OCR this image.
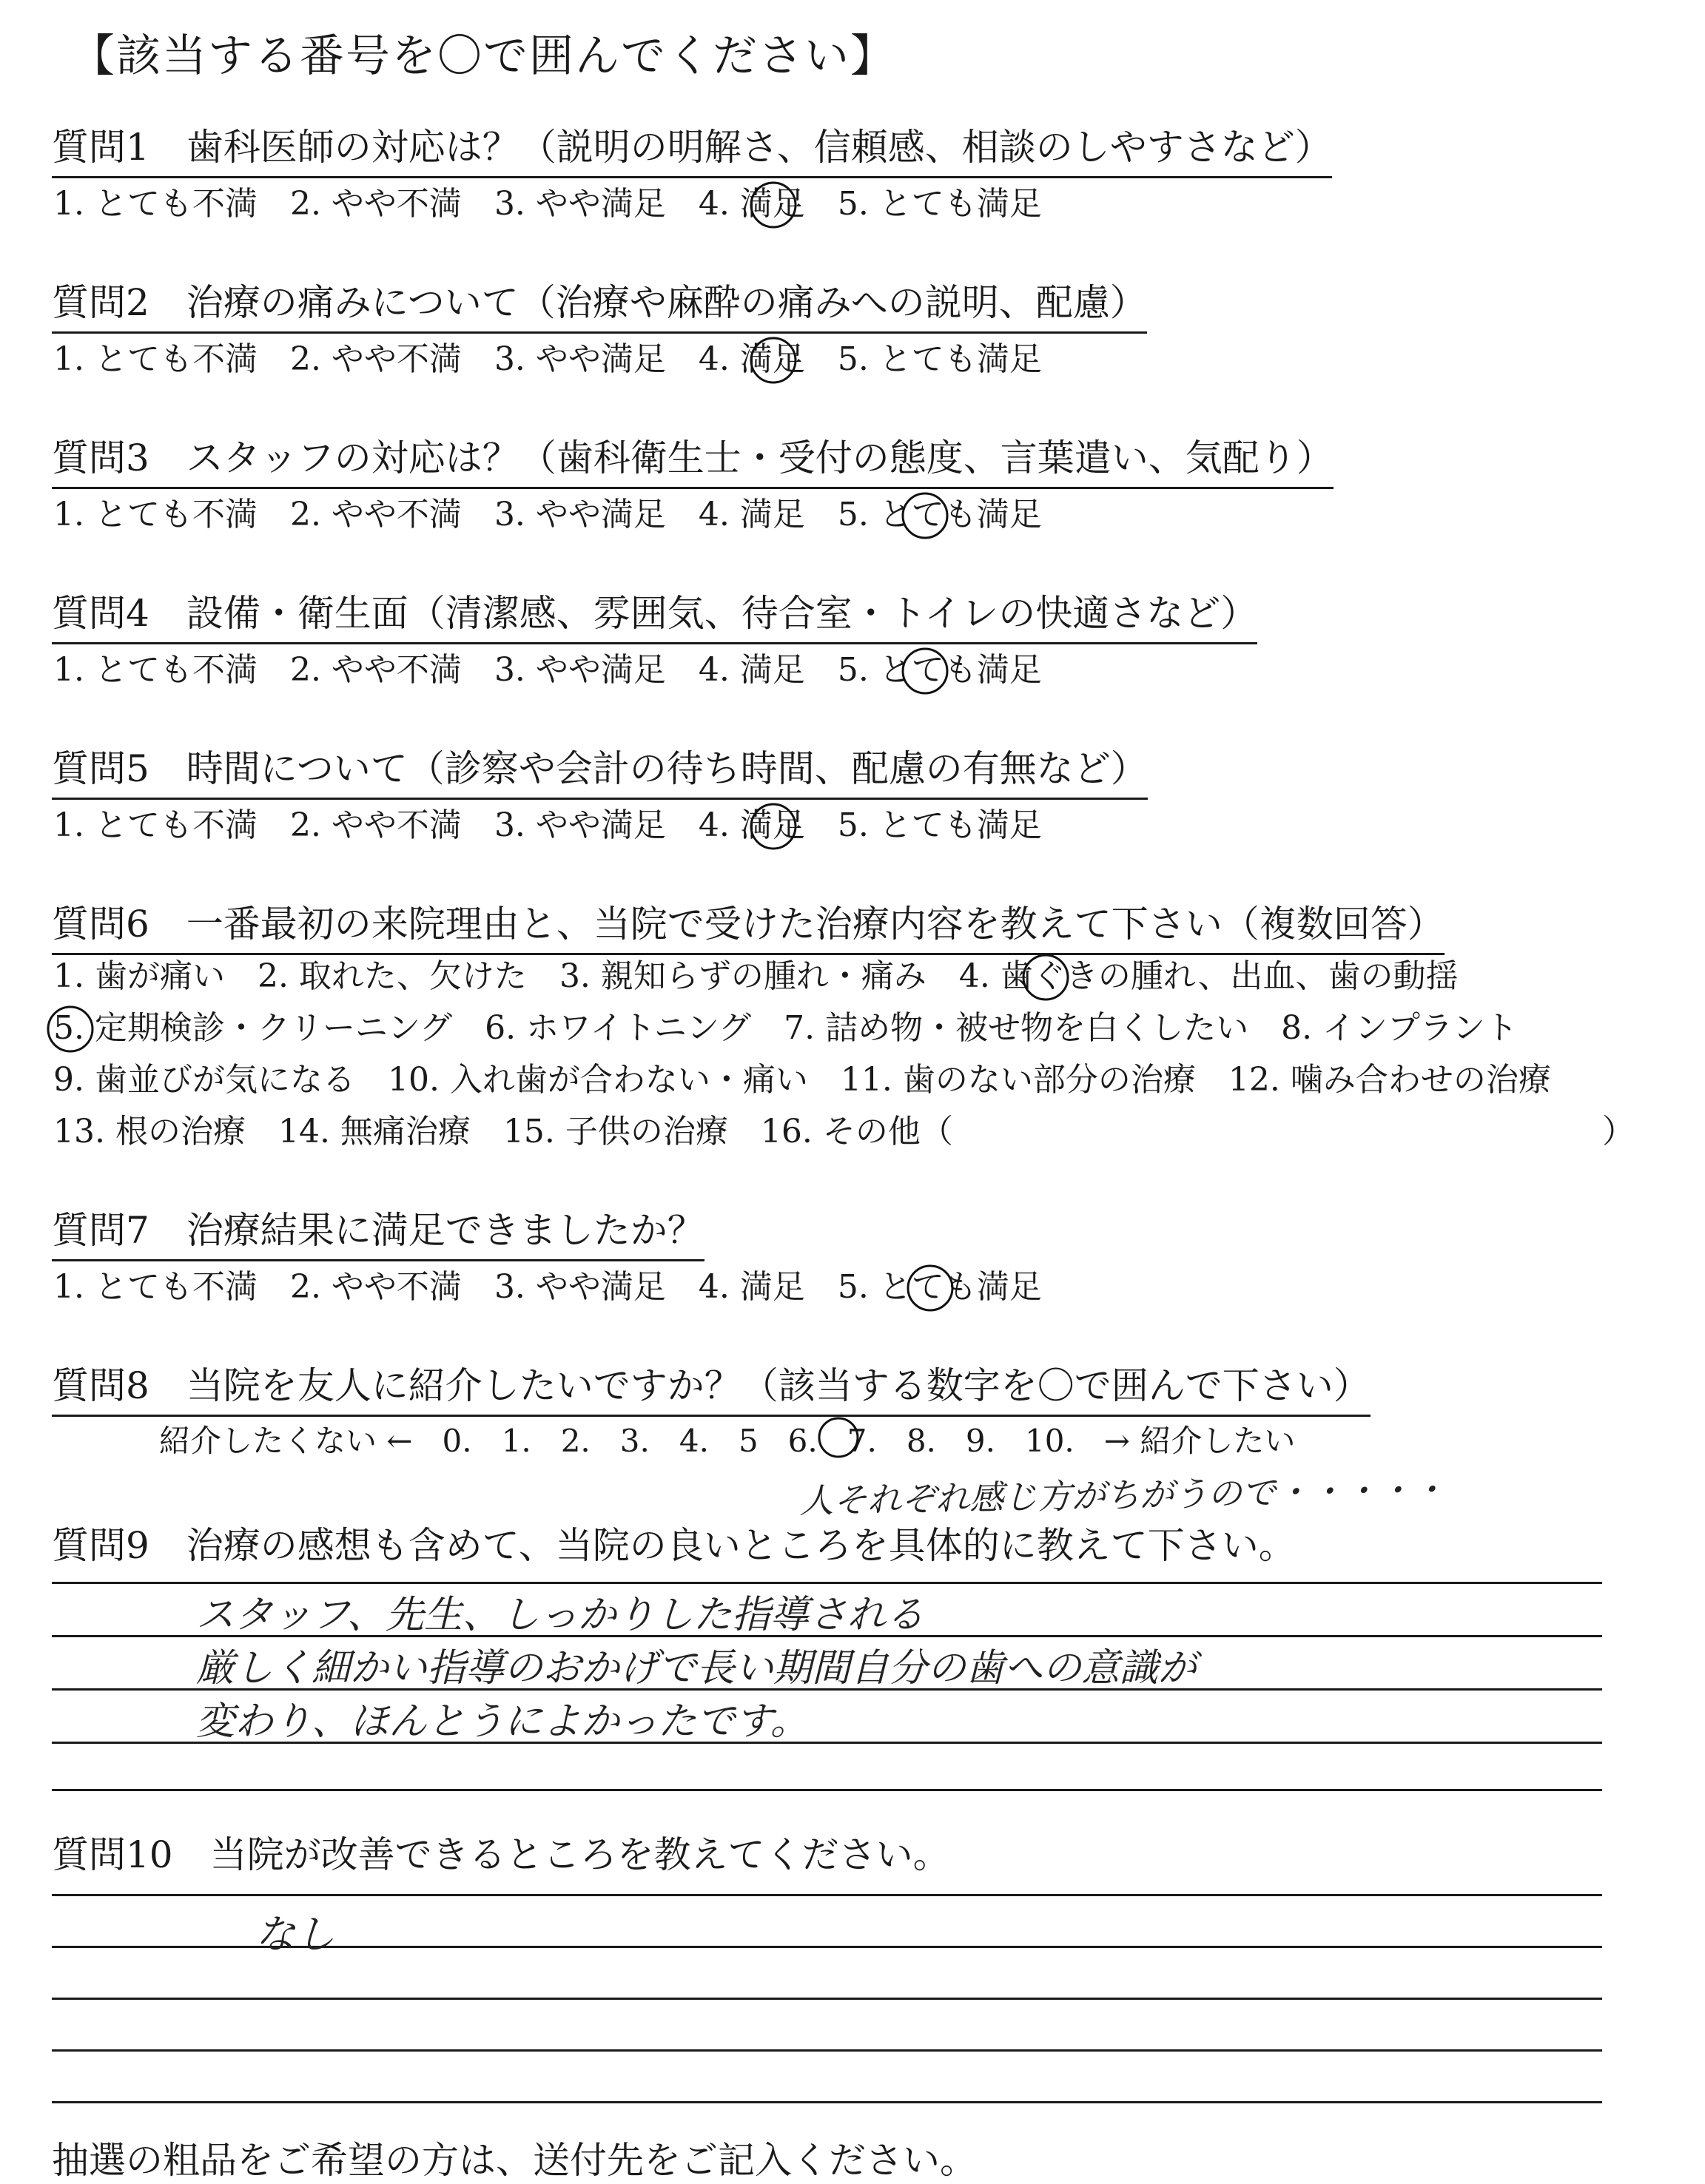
【該当する番号を〇で囲んでください】
質問1　歯科医師の対応は？（説明の明解さ、信頼感、相談のしやすさなど）
1. とても不満 2. やや不満 3. やや満足 4. 満足 5. とても満足
質問2　治療の痛みについて（治療や麻酔の痛みへの説明、配慮）
1. とても不満 2. やや不満 3. やや満足 4. 満足 5. とても満足
質問3　スタッフの対応は？（歯科衛生士・受付の態度、言葉遣い、気配り）
1. とても不満 2. やや不満 3. やや満足 4. 満足 5. とても満足
質問4　設備・衛生面（清潔感、雰囲気、待合室・トイレの快適さなど）
1. とても不満 2. やや不満 3. やや満足 4. 満足 5. とても満足
質問5　時間について（診察や会計の待ち時間、配慮の有無など）
1. とても不満 2. やや不満 3. やや満足 4. 満足 5. とても満足
質問6　一番最初の来院理由と、当院で受けた治療内容を教えて下さい（複数回答）
1. 歯が痛い 2. 取れた、欠けた 3. 親知らずの腫れ・痛み 4. 歯ぐきの腫れ、出血、歯の動揺
5. 定期検診・クリーニング 6. ホワイトニング 7. 詰め物・被せ物を白くしたい 8. インプラント
9. 歯並びが気になる 10. 入れ歯が合わない・痛い 11. 歯のない部分の治療 12. 噛み合わせの治療
13. 根の治療 14. 無痛治療 15. 子供の治療 16. その他（	）
質問7　治療結果に満足できましたか？
1. とても不満 2. やや不満 3. やや満足 4. 満足 5. とても満足
質問8　当院を友人に紹介したいですか？（該当する数字を〇で囲んで下さい）
紹介したくない ← 0. 1. 2. 3. 4. 5 6. 7. 8. 9. 10. → 紹介したい
人それぞれ感じ方がちがうので・・・・・
質問9　治療の感想も含めて、当院の良いところを具体的に教えて下さい。
スタッフ、先生、しっかりした指導される
厳しく細かい指導のおかげで長い期間自分の歯への意識が
変わり、ほんとうによかったです。
質問10　当院が改善できるところを教えてください。
なし
抽選の粗品をご希望の方は、送付先をご記入ください。
